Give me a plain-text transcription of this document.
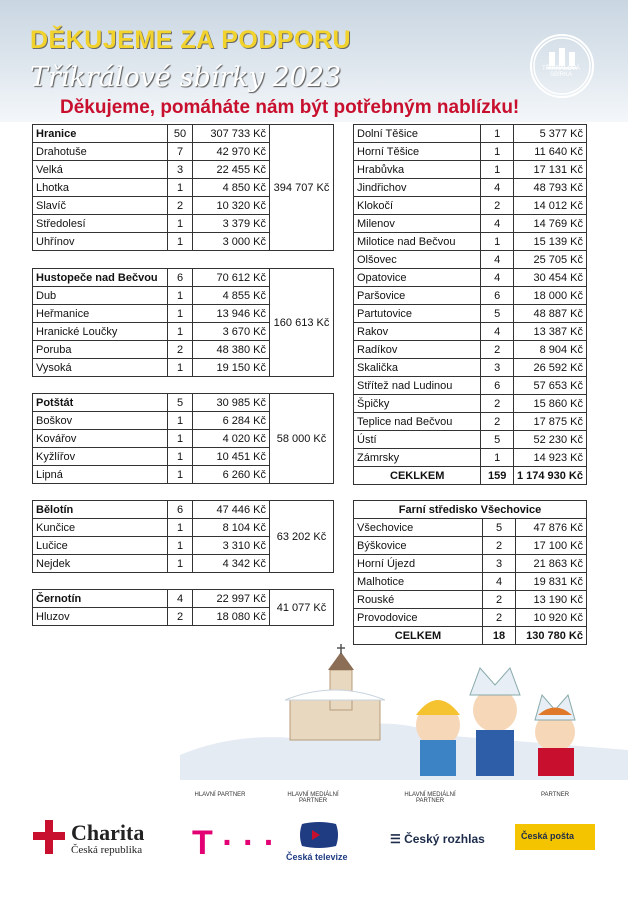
DĚKUJEME ZA PODPORU
Tříkrálové sbírky 2023
Děkujeme, pomáháte nám být potřebným nablízku!
TŘÍKRÁLOVÁ SBÍRKA
Hranice	50	307 733 Kč	394 707 Kč
Drahotuše	7	42 970 Kč	
Velká	3	22 455 Kč	
Lhotka	1	4 850 Kč	
Slavíč	2	10 320 Kč	
Středolesí	1	3 379 Kč	
Uhřínov	1	3 000 Kč	
Hustopeče nad Bečvou	6	70 612 Kč	160 613 Kč
Dub	1	4 855 Kč	
Heřmanice	1	13 946 Kč	
Hranické Loučky	1	3 670 Kč	
Poruba	2	48 380 Kč	
Vysoká	1	19 150 Kč	
Potštát	5	30 985 Kč	58 000 Kč
Boškov	1	6 284 Kč	
Kovářov	1	4 020 Kč	
Kyžlířov	1	10 451 Kč	
Lipná	1	6 260 Kč	
Bělotín	6	47 446 Kč	63 202 Kč
Kunčice	1	8 104 Kč	
Lučice	1	3 310 Kč	
Nejdek	1	4 342 Kč	
Černotín	4	22 997 Kč	41 077 Kč
Hluzov	2	18 080 Kč	
Dolní Těšice	1	5 377 Kč
Horní Těšice	1	11 640 Kč
Hrabůvka	1	17 131 Kč
Jindřichov	4	48 793 Kč
Klokočí	2	14 012 Kč
Milenov	4	14 769 Kč
Milotice nad Bečvou	1	15 139 Kč
Olšovec	4	25 705 Kč
Opatovice	4	30 454 Kč
Paršovice	6	18 000 Kč
Partutovice	5	48 887 Kč
Rakov	4	13 387 Kč
Radíkov	2	8 904 Kč
Skalička	3	26 592 Kč
Střítež nad Ludinou	6	57 653 Kč
Špičky	2	15 860 Kč
Teplice nad Bečvou	2	17 875 Kč
Ústí	5	52 230 Kč
Zámrsky	1	14 923 Kč
CEKLKEM	159	1 174 930 Kč
Farní středisko Všechovice		
Všechovice	5	47 876 Kč
Býškovice	2	17 100 Kč
Horní Újezd	3	21 863 Kč
Malhotice	4	19 831 Kč
Rouské	2	13 190 Kč
Provodovice	2	10 920 Kč
CELKEM	18	130 780 Kč
HLAVNÍ PARTNER	HLAVNÍ MEDIÁLNÍ PARTNER
HLAVNÍ MEDIÁLNÍ PARTNER
PARTNER
Charita
Česká republika T · · · Česká televize
☰ Český rozhlas	Česká pošta
